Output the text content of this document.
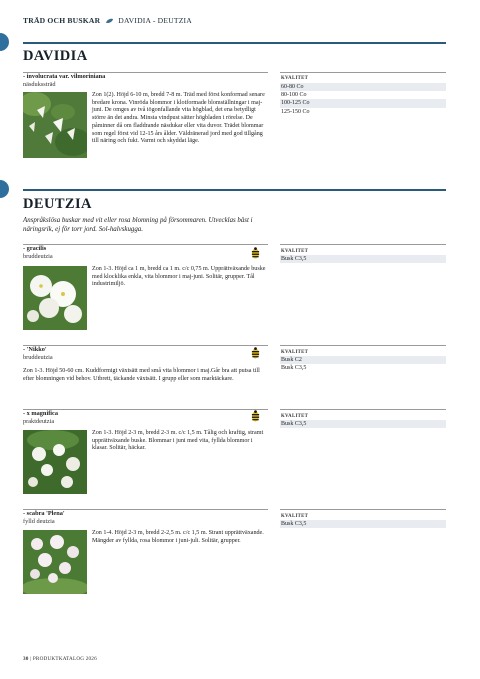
TRÄD OCH BUSKAR DAVIDIA - DEUTZIA
DAVIDIA
- involucrata var. vilmoriniana
näsdukssträd
Zon 1(2). Höjd 6-10 m, bredd 7-8 m. Träd med först konformad senare bredare krona. Vinröda blommor i klotformade blomställningar i maj-juni. De omges av två iögonfallande vita högblad, det ena betydligt större än det andra. Minsta vindpust sätter högbladen i rörelse. De påminner då om fladdrande näsdukar eller vita duvor. Trädet blommar som regel först vid 12-15 års ålder. Väldränerad jord med god tillgång till näring och fukt. Varmt och skyddat läge.
KVALITET
60-80 Co
80-100 Co
100-125 Co
125-150 Co
DEUTZIA
Anspråkslösa buskar med vit eller rosa blomning på försommaren. Utvecklas bäst i näringsrik, ej för torr jord. Sol-halvskugga.
- gracilis
bruddeutzia
Zon 1-3. Höjd ca 1 m, bredd ca 1 m. c/c 0,75 m. Upprättväxande buske med klocklika enkla, vita blommor i maj-juni. Solitär, grupper. Tål industrimiljö.
KVALITET
Busk C3,5
- 'Nikko'
bruddeutzia
Zon 1-3. Höjd 50-60 cm. Kuddformigt växtsätt med små vita blommor i maj.Går bra att putsa till efter blomningen vid behov. Utbrett, täckande växtsätt. I grupp eller som marktäckare.
KVALITET
Busk C2
Busk C3,5
- x magnifica
praktdeutzia
Zon 1-3. Höjd 2-3 m, bredd 2-3 m. c/c 1,5 m. Tålig och kraftig, stramt upprättväxande buske. Blommar i juni med vita, fyllda blommor i klasar. Solitär, häckar.
KVALITET
Busk C3,5
- scabra 'Plena'
fylld deutzia
Zon 1-4. Höjd 2-3 m, bredd 2-2,5 m. c/c 1,5 m. Strant upprättväxande. Mängder av fyllda, rosa blommor i juni-juli. Solitär, grupper.
KVALITET
Busk C3,5
30 | PRODUKTKATALOG 2026
